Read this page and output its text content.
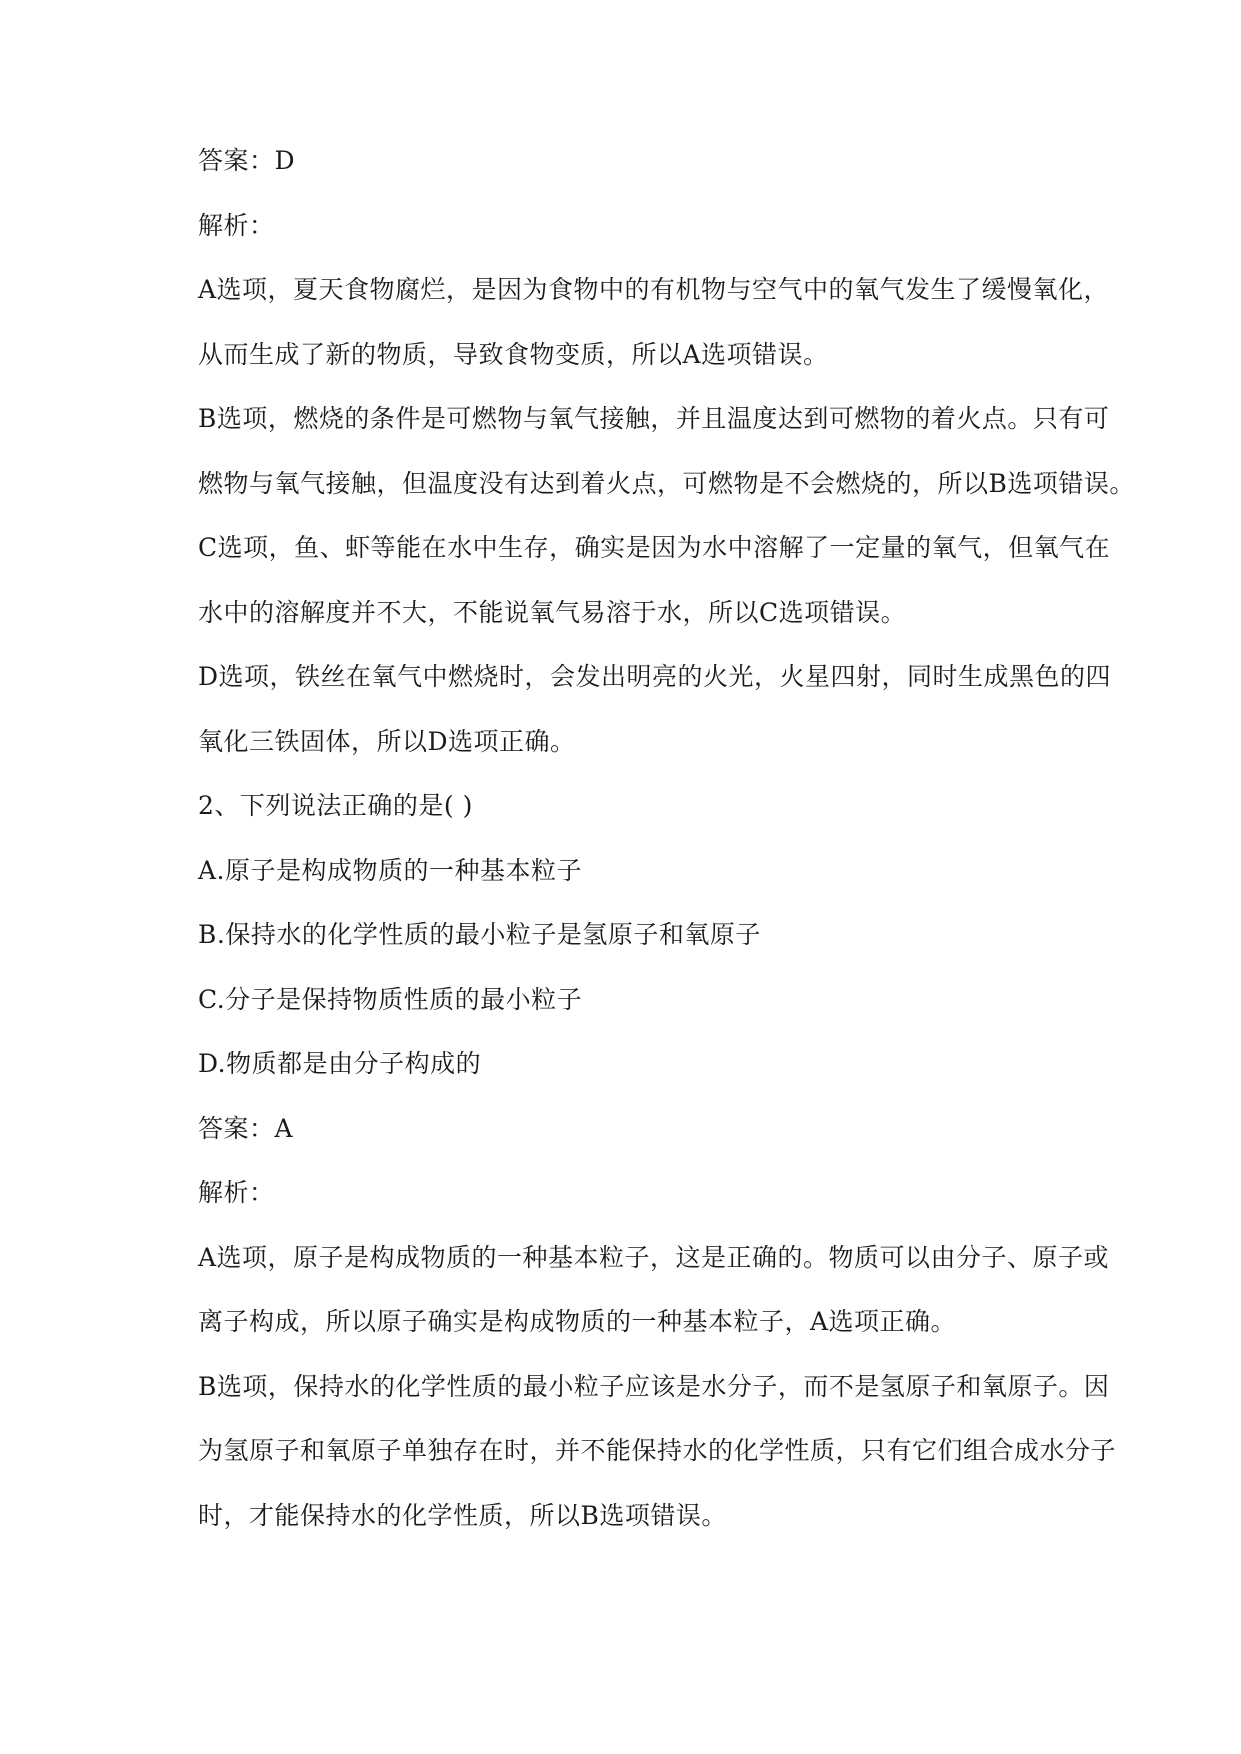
答案：D

解析：

A选项，夏天食物腐烂，是因为食物中的有机物与空气中的氧气发生了缓慢氧化，

从而生成了新的物质，导致食物变质，所以A选项错误。

B选项，燃烧的条件是可燃物与氧气接触，并且温度达到可燃物的着火点。只有可

燃物与氧气接触，但温度没有达到着火点，可燃物是不会燃烧的，所以B选项错误。

C选项，鱼、虾等能在水中生存，确实是因为水中溶解了一定量的氧气，但氧气在

水中的溶解度并不大，不能说氧气易溶于水，所以C选项错误。

D选项，铁丝在氧气中燃烧时，会发出明亮的火光，火星四射，同时生成黑色的四

氧化三铁固体，所以D选项正确。

2、下列说法正确的是( )

A.原子是构成物质的一种基本粒子

B.保持水的化学性质的最小粒子是氢原子和氧原子

C.分子是保持物质性质的最小粒子

D.物质都是由分子构成的

答案：A

解析：

A选项，原子是构成物质的一种基本粒子，这是正确的。物质可以由分子、原子或

离子构成，所以原子确实是构成物质的一种基本粒子，A选项正确。

B选项，保持水的化学性质的最小粒子应该是水分子，而不是氢原子和氧原子。因

为氢原子和氧原子单独存在时，并不能保持水的化学性质，只有它们组合成水分子

时，才能保持水的化学性质，所以B选项错误。
